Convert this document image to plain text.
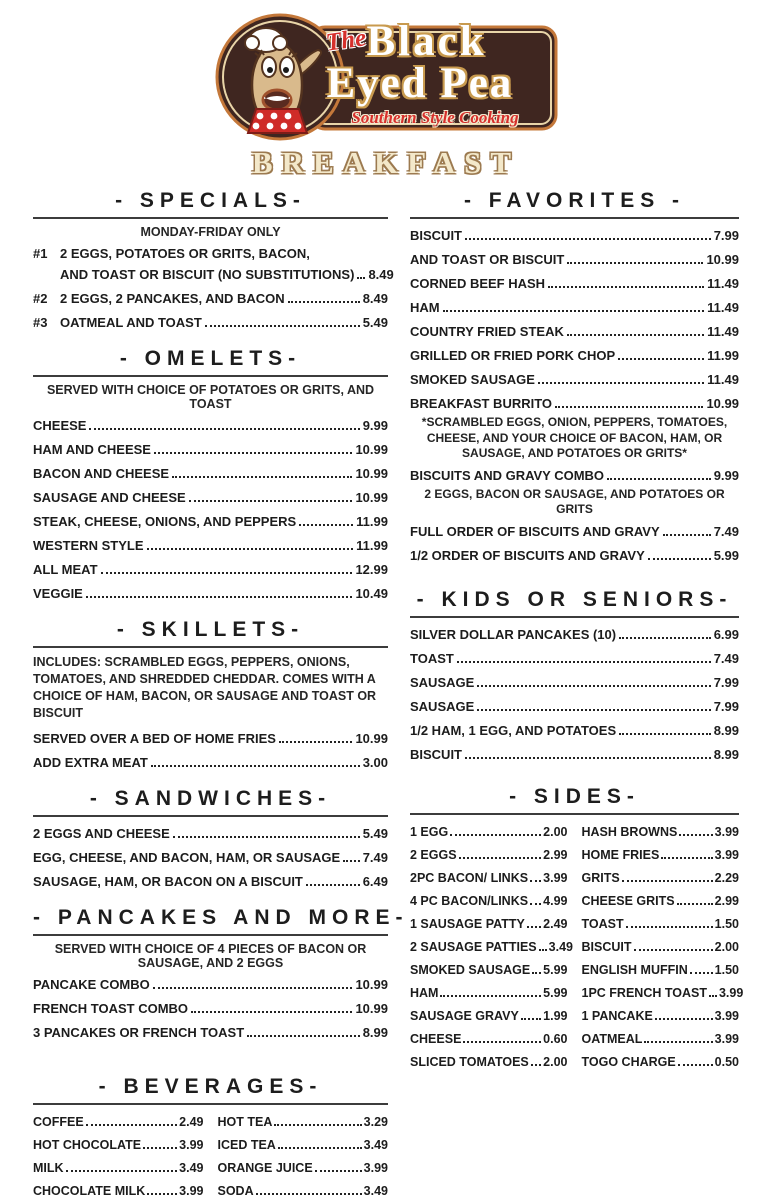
The Black
Eyed Pea
Southern Style Cooking
BREAKFAST
- SPECIALS-
MONDAY-FRIDAY ONLY
#1 2 EGGS, POTATOES OR GRITS, BACON,
AND TOAST OR BISCUIT (NO SUBSTITUTIONS) 8.49
#2 2 EGGS, 2 PANCAKES, AND BACON	8.49
#3 OATMEAL AND TOAST	5.49
- OMELETS-
SERVED WITH CHOICE OF POTATOES OR GRITS, AND TOAST
CHEESE	9.99
HAM AND CHEESE	10.99
BACON AND CHEESE	10.99
SAUSAGE AND CHEESE	10.99
STEAK, CHEESE, ONIONS, AND PEPPERS	11.99
WESTERN STYLE	11.99
ALL MEAT	12.99
VEGGIE	10.49
- SKILLETS-
INCLUDES: SCRAMBLED EGGS, PEPPERS, ONIONS, TOMATOES, AND SHREDDED CHEDDAR. COMES WITH A CHOICE OF HAM, BACON, OR SAUSAGE AND TOAST OR BISCUIT
SERVED OVER A BED OF HOME FRIES	10.99
ADD EXTRA MEAT	3.00
- SANDWICHES-
2 EGGS AND CHEESE	5.49
EGG, CHEESE, AND BACON, HAM, OR SAUSAGE 7.49
SAUSAGE, HAM, OR BACON ON A BISCUIT	6.49
- PANCAKES AND MORE-
SERVED WITH CHOICE OF 4 PIECES OF BACON OR SAUSAGE, AND 2 EGGS
PANCAKE COMBO	10.99
FRENCH TOAST COMBO	10.99
3 PANCAKES OR FRENCH TOAST	8.99
- BEVERAGES-
COFFEE	2.49
HOT CHOCOLATE	3.99
MILK	3.49
CHOCOLATE MILK	3.99
HOT TEA	3.29
ICED TEA	3.49
ORANGE JUICE	3.99
SODA	3.49
- FAVORITES -
BISCUIT	7.99
AND TOAST OR BISCUIT	10.99
CORNED BEEF HASH	11.49
HAM	11.49
COUNTRY FRIED STEAK	11.49
GRILLED OR FRIED PORK CHOP	11.99
SMOKED SAUSAGE	11.49
BREAKFAST BURRITO	10.99
*SCRAMBLED EGGS, ONION, PEPPERS, TOMATOES, CHEESE, AND YOUR CHOICE OF BACON, HAM, OR SAUSAGE, AND POTATOES OR GRITS*
BISCUITS AND GRAVY COMBO	9.99
2 EGGS, BACON OR SAUSAGE, AND POTATOES OR GRITS
FULL ORDER OF BISCUITS AND GRAVY	7.49
1/2 ORDER OF BISCUITS AND GRAVY	5.99
- KIDS OR SENIORS-
SILVER DOLLAR PANCAKES (10)	6.99
TOAST	7.49
SAUSAGE	7.99
SAUSAGE	7.99
1/2 HAM, 1 EGG, AND POTATOES	8.99
BISCUIT	8.99
- SIDES-
1 EGG	2.00
2 EGGS	2.99
2PC BACON/ LINKS 3.99
4 PC BACON/LINKS 4.99
1 SAUSAGE PATTY 2.49
2 SAUSAGE PATTIES 3.49
SMOKED SAUSAGE 5.99
HAM	5.99
SAUSAGE GRAVY 1.99
CHEESE	0.60
SLICED TOMATOES 2.00
HASH BROWNS	3.99
HOME FRIES	3.99
GRITS	2.29
CHEESE GRITS	2.99
TOAST	1.50
BISCUIT	2.00
ENGLISH MUFFIN 1.50
1PC FRENCH TOAST 3.99
1 PANCAKE	3.99
OATMEAL	3.99
TOGO CHARGE	0.50
